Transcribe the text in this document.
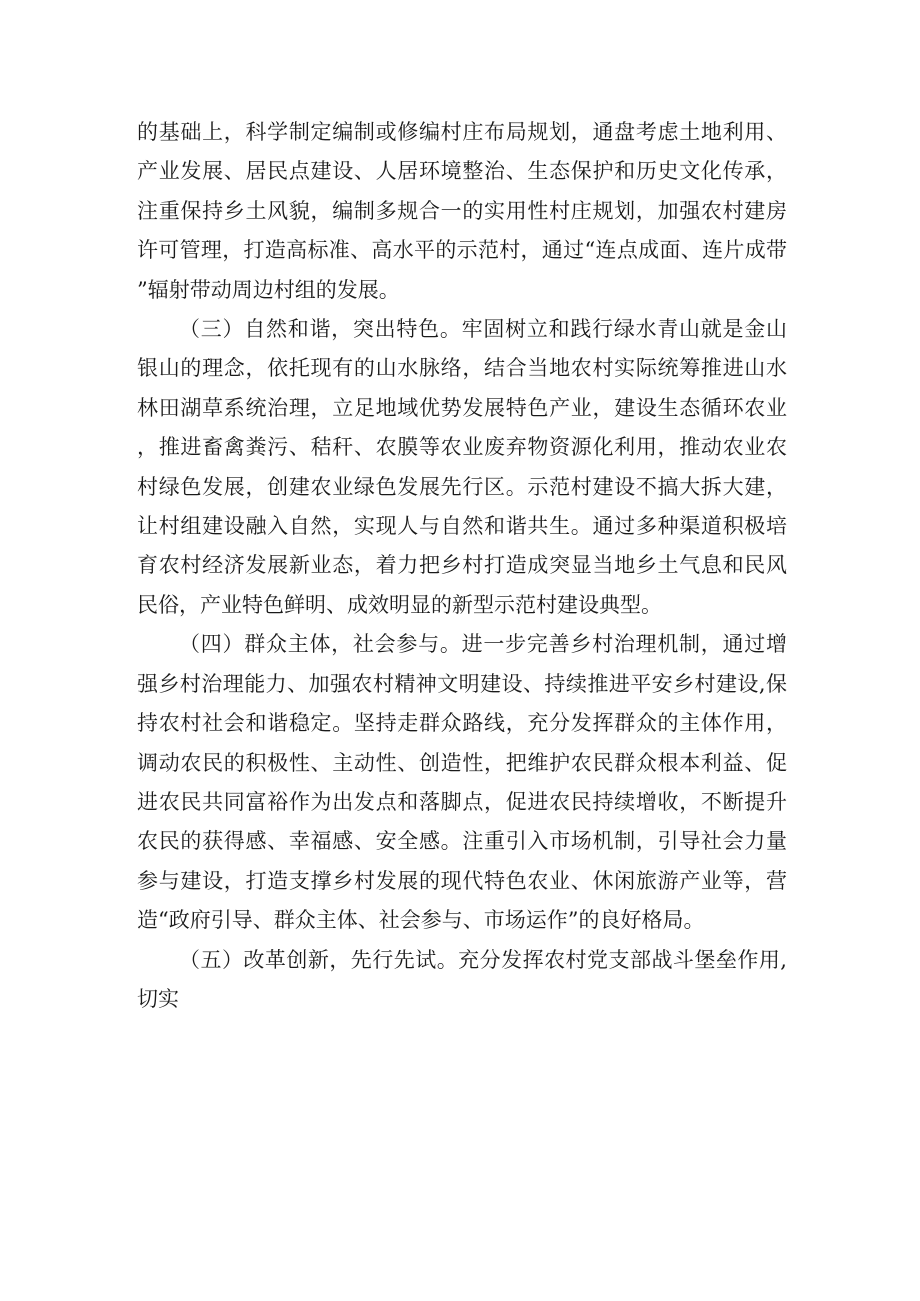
的基础上，科学制定编制或修编村庄布局规划，通盘考虑土地利用、产业发展、居民点建设、人居环境整治、生态保护和历史文化传承，注重保持乡土风貌，编制多规合一的实用性村庄规划，加强农村建房许可管理，打造高标准、高水平的示范村，通过“连点成面、连片成带”辐射带动周边村组的发展。

（三）自然和谐，突出特色。牢固树立和践行绿水青山就是金山银山的理念，依托现有的山水脉络，结合当地农村实际统筹推进山水林田湖草系统治理，立足地域优势发展特色产业，建设生态循环农业，推进畜禽粪污、秸秆、农膜等农业废弃物资源化利用，推动农业农村绿色发展，创建农业绿色发展先行区。示范村建设不搞大拆大建，让村组建设融入自然，实现人与自然和谐共生。通过多种渠道积极培育农村经济发展新业态，着力把乡村打造成突显当地乡土气息和民风民俗，产业特色鲜明、成效明显的新型示范村建设典型。

（四）群众主体，社会参与。进一步完善乡村治理机制，通过增强乡村治理能力、加强农村精神文明建设、持续推进平安乡村建设,保持农村社会和谐稳定。坚持走群众路线，充分发挥群众的主体作用，调动农民的积极性、主动性、创造性，把维护农民群众根本利益、促进农民共同富裕作为出发点和落脚点，促进农民持续增收，不断提升农民的获得感、幸福感、安全感。注重引入市场机制，引导社会力量参与建设，打造支撑乡村发展的现代特色农业、休闲旅游产业等，营造“政府引导、群众主体、社会参与、市场运作”的良好格局。

（五）改革创新，先行先试。充分发挥农村党支部战斗堡垒作用,切实
